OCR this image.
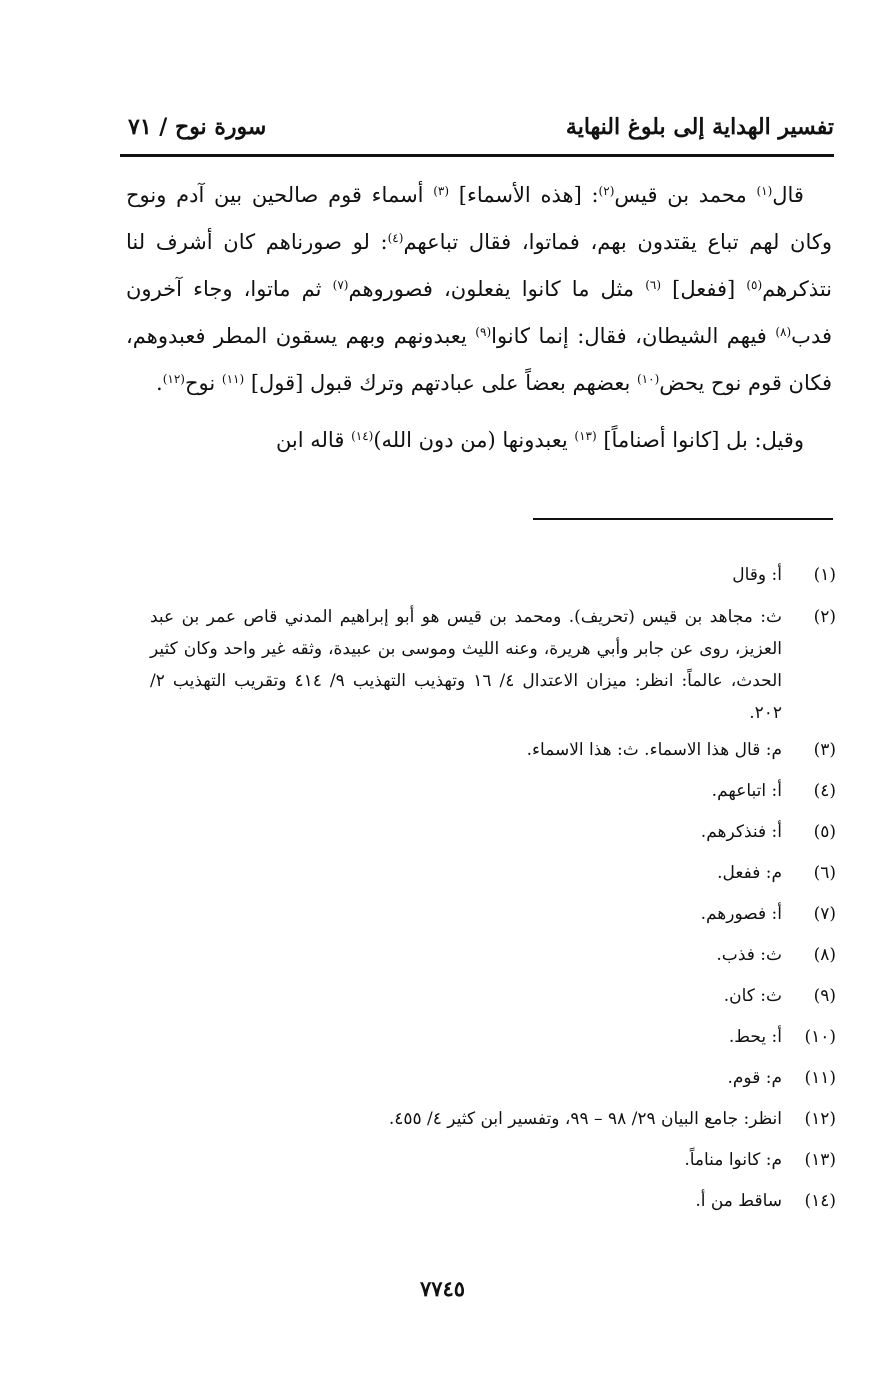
تفسير الهداية إلى بلوغ النهاية
سورة نوح / ٧١

قال$^{(١)}$ محمد بن قيس$^{(٢)}$: [هذه الأسماء] $^{(٣)}$ أسماء قوم صالحين بين آدم ونوح وكان لهم تباع يقتدون بهم، فماتوا، فقال تباعهم$^{(٤)}$: لو صورناهم كان أشرف لنا نتذكرهم$^{(٥)}$ [ففعل] $^{(٦)}$ مثل ما كانوا يفعلون، فصوروهم$^{(٧)}$ ثم ماتوا، وجاء آخرون فدب$^{(٨)}$ فيهم الشيطان، فقال: إنما كانوا$^{(٩)}$ يعبدونهم وبهم يسقون المطر فعبدوهم، فكان قوم نوح يحض$^{(١٠)}$ بعضهم بعضاً على عبادتهم وترك قبول [قول] $^{(١١)}$ نوح$^{(١٢)}$.

وقيل: بل [كانوا أصناماً] $^{(١٣)}$ يعبدونها (من دون الله)$^{(١٤)}$ قاله ابن

(١)
أ: وقال
(٢)
ث: مجاهد بن قيس (تحريف). ومحمد بن قيس هو أبو إبراهيم المدني قاص عمر بن عبد العزيز، روى عن جابر وأبي هريرة، وعنه الليث وموسى بن عبيدة، وثقه غير واحد وكان كثير الحدث، عالماً: انظر: ميزان الاعتدال ٤/ ١٦ وتهذيب التهذيب ٩/ ٤١٤ وتقريب التهذيب ٢/ ٢٠٢.
(٣)
م: قال هذا الاسماء. ث: هذا الاسماء.
(٤)
أ: اتباعهم.
(٥)
أ: فنذكرهم.
(٦)
م: ففعل.
(٧)
أ: فصورهم.
(٨)
ث: فذب.
(٩)
ث: كان.
(١٠)
أ: يحط.
(١١)
م: قوم.
(١٢)
انظر: جامع البيان ٢٩/ ٩٨ – ٩٩، وتفسير ابن كثير ٤/ ٤٥٥.
(١٣)
م: كانوا مناماً.
(١٤)
ساقط من أ.
٧٧٤٥
